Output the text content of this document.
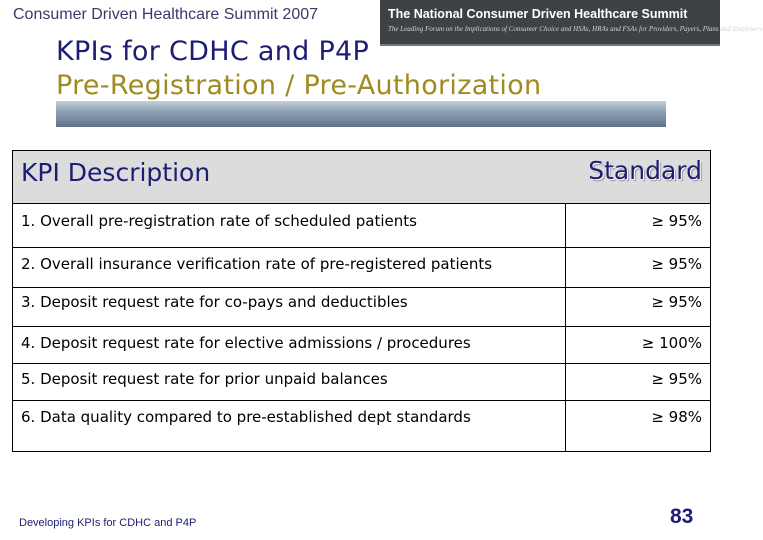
Consumer Driven Healthcare Summit 2007	The National Consumer Driven Healthcare Summit
The Leading Forum on the Implications of Consumer Choice and HSAs, HRAs and FSAs for Providers, Payers, Plans and Employers
KPIs for CDHC and P4P
Pre-Registration / Pre-Authorization
KPI Description	Standard
1. Overall pre-registration rate of scheduled patients	≥ 95%
2. Overall insurance verification rate of pre-registered patients	≥ 95%
3. Deposit request rate for co-pays and deductibles	≥ 95%
4. Deposit request rate for elective admissions / procedures	≥ 100%
5. Deposit request rate for prior unpaid balances	≥ 95%
6. Data quality compared to pre-established dept standards	≥ 98%
Developing KPIs for CDHC and P4P	83
